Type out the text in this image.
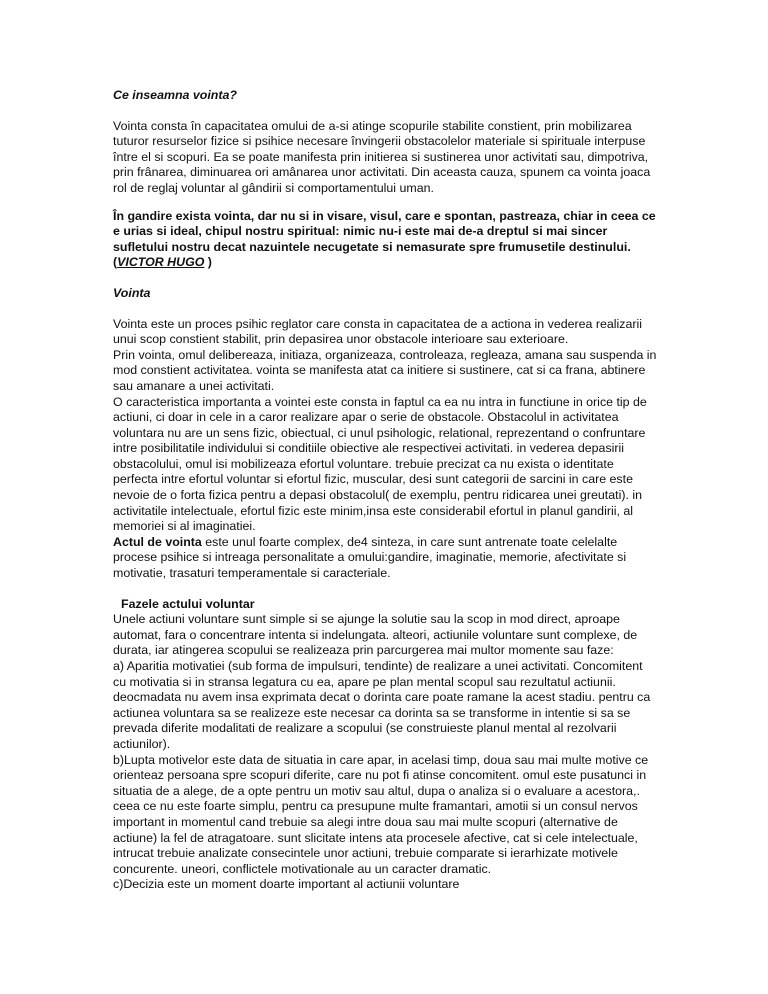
Ce inseamna vointa?

Vointa consta în capacitatea omului de a-si atinge scopurile stabilite constient, prin mobilizarea tuturor resurselor fizice si psihice necesare învingerii obstacolelor materiale si spirituale interpuse între el si scopuri. Ea se poate manifesta prin initierea si sustinerea unor activitati sau, dimpotriva, prin frânarea, diminuarea ori amânarea unor activitati. Din aceasta cauza, spunem ca vointa joaca rol de reglaj voluntar al gândirii si comportamentului uman.

În gandire exista vointa, dar nu si in visare, visul, care e spontan, pastreaza, chiar in ceea ce e urias si ideal, chipul nostru spiritual: nimic nu-i este mai de-a dreptul si mai sincer sufletului nostru decat nazuintele necugetate si nemasurate spre frumusetile destinului.(VICTOR HUGO )

Vointa

Vointa este un proces psihic reglator care consta in capacitatea de a actiona in vederea realizarii unui scop constient stabilit, prin depasirea unor obstacole interioare sau exterioare.

Prin vointa, omul delibereaza, initiaza, organizeaza, controleaza, regleaza, amana sau suspenda in mod constient activitatea. vointa se manifesta atat ca initiere si sustinere, cat si ca frana, abtinere sau amanare a unei activitati.

O caracteristica importanta a vointei este consta in faptul ca ea nu intra in functiune in orice tip de actiuni, ci doar in cele in a caror realizare apar o serie de obstacole. Obstacolul in activitatea voluntara nu are un sens fizic, obiectual, ci unul psihologic, relational, reprezentand o confruntare intre posibilitatile individului si conditiile obiective ale respectivei activitati. in vederea depasirii obstacolului, omul isi mobilizeaza efortul voluntare. trebuie precizat ca nu exista o identitate perfecta intre efortul voluntar si efortul fizic, muscular, desi sunt categorii de sarcini in care este nevoie de o forta fizica pentru a depasi obstacolul( de exemplu, pentru ridicarea unei greutati). in activitatile intelectuale, efortul fizic este minim,insa este considerabil efortul in planul gandirii, al memoriei si al imaginatiei.

Actul de vointa este unul foarte complex, de4 sinteza, in care sunt antrenate toate celelalte procese psihice si intreaga personalitate a omului:gandire, imaginatie, memorie, afectivitate si motivatie, trasaturi temperamentale si caracteriale.

Fazele actului voluntar

Unele actiuni voluntare sunt simple si se ajunge la solutie sau la scop in mod direct, aproape automat, fara o concentrare intenta si indelungata. alteori, actiunile voluntare sunt complexe, de durata, iar atingerea scopului se realizeaza prin parcurgerea mai multor momente sau faze:

a) Aparitia motivatiei (sub forma de impulsuri, tendinte) de realizare a unei activitati. Concomitent cu motivatia si in stransa legatura cu ea, apare pe plan mental scopul sau rezultatul actiunii. deocmadata nu avem insa exprimata decat o dorinta care poate ramane la acest stadiu. pentru ca actiunea voluntara sa se realizeze este necesar ca dorinta sa se transforme in intentie si sa se prevada diferite modalitati de realizare a scopului (se construieste planul mental al rezolvarii actiunilor).

b)Lupta motivelor este data de situatia in care apar, in acelasi timp, doua sau mai multe motive ce orienteaz persoana spre scopuri diferite, care nu pot fi atinse concomitent. omul este pusatunci in situatia de a alege, de a opte pentru un motiv sau altul, dupa o analiza si o evaluare a acestora,. ceea ce nu este foarte simplu, pentru ca presupune multe framantari, amotii si un consul nervos important in momentul cand trebuie sa alegi intre doua sau mai multe scopuri (alternative de actiune) la fel de atragatoare. sunt slicitate intens ata procesele afective, cat si cele intelectuale, intrucat trebuie analizate consecintele unor actiuni, trebuie comparate si ierarhizate motivele concurente. uneori, conflictele motivationale au un caracter dramatic.

c)Decizia este un moment doarte important al actiunii voluntare
